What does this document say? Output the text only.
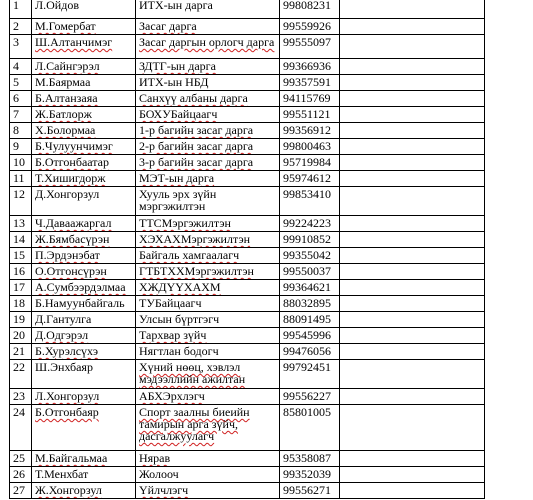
1	Л.Ойдов	ИТХ-ын дарга	99808231	
2	М.Гомербат	Засаг дарга	99559926	
3	Ш.Алтанчимэг	Засаг даргын орлогч дарга	99555097	
4	Л.Сайнгэрэл	ЗДТГ-ын дарга	99366936	
5	М.Баярмаа	ИТХ-ын НБД	99357591	
6	Б.Алтанзаяа	Санхүү албаны дарга	94115769	
7	Ж.Батлорж	БОХУБайцаагч	99551121	
8	Х.Болормаа	1-р багийн засаг дарга	99356912	
9	Б.Чулуунчимэг	2-р багийн засаг дарга	99800463	
10	Б.Отгонбаатар	3-р багийн засаг дарга	95719984	
11	Т.Хишигдорж	МЭТ-ын дарга	95974612	
12	Д.Хонгорзул	Хууль эрх зүйн мэргэжилтэн	99853410	
13	Ч.Даваажаргал	ТТСМэргэжилтэн	99224223	
14	Ж.Бямбасүрэн	ХЭХАХМэргэжилтэн	99910852	
15	П.Эрдэнэбат	Байгаль хамгаалагч	99355042	
16	О.Отгонсүрэн	ГТБТХХМэргэжилтэн	99550037	
17	А.Сумбээрдэлмаа	ХЖДҮҮХАХМ	99364621	
18	Б.Намуунбайгаль	ТУБайцаагч	88032895	
19	Д.Гантулга	Улсын бүртгэгч	88091495	
20	Д.Одгэрэл	Тархвар зүйч	99545996	
21	Б.Хурэлсүхэ	Нягтлан бодогч	99476056	
22	Ш.Энхбаяр	Хүний нөөц, хэвлэл мэдээллийн ажилтан	99792451	
23	Л.Хонгорзул	АБХЭрхлэгч	99556227	
24	Б.Отгонбаяр	Спорт заалны биеийн тамирын арга зүйч, дасгалжуулагч	85801005	
25	М.Байгальмаа	Нярав	95358087	
26	Т.Менхбат	Жолооч	99352039	
27	Ж.Хонгорзул	Үйлчлэгч	99556271	
